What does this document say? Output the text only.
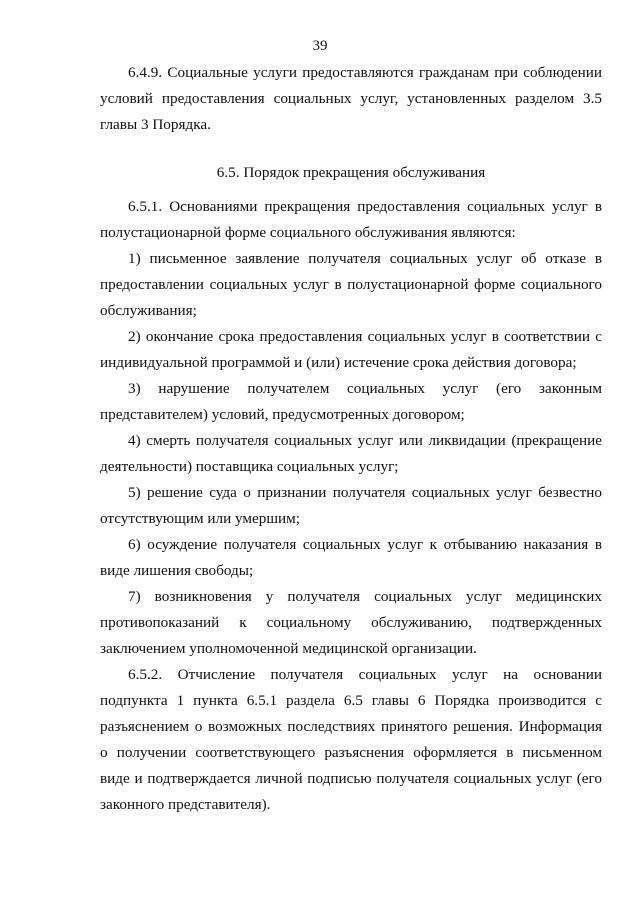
39

6.4.9. Социальные услуги предоставляются гражданам при соблюдении условий предоставления социальных услуг, установленных разделом 3.5 главы 3 Порядка.

6.5. Порядок прекращения обслуживания

6.5.1. Основаниями прекращения предоставления социальных услуг в полустационарной форме социального обслуживания являются:

1) письменное заявление получателя социальных услуг об отказе в предоставлении социальных услуг в полустационарной форме социального обслуживания;

2) окончание срока предоставления социальных услуг в соответствии с индивидуальной программой и (или) истечение срока действия договора;

3) нарушение получателем социальных услуг (его законным представителем) условий, предусмотренных договором;

4) смерть получателя социальных услуг или ликвидации (прекращение деятельности) поставщика социальных услуг;

5) решение суда о признании получателя социальных услуг безвестно отсутствующим или умершим;

6) осуждение получателя социальных услуг к отбыванию наказания в виде лишения свободы;

7) возникновения у получателя социальных услуг медицинских противопоказаний к социальному обслуживанию, подтвержденных заключением уполномоченной медицинской организации.

6.5.2. Отчисление получателя социальных услуг на основании подпункта 1 пункта 6.5.1 раздела 6.5 главы 6 Порядка производится с разъяснением о возможных последствиях принятого решения. Информация о получении соответствующего разъяснения оформляется в письменном виде и подтверждается личной подписью получателя социальных услуг (его законного представителя).
